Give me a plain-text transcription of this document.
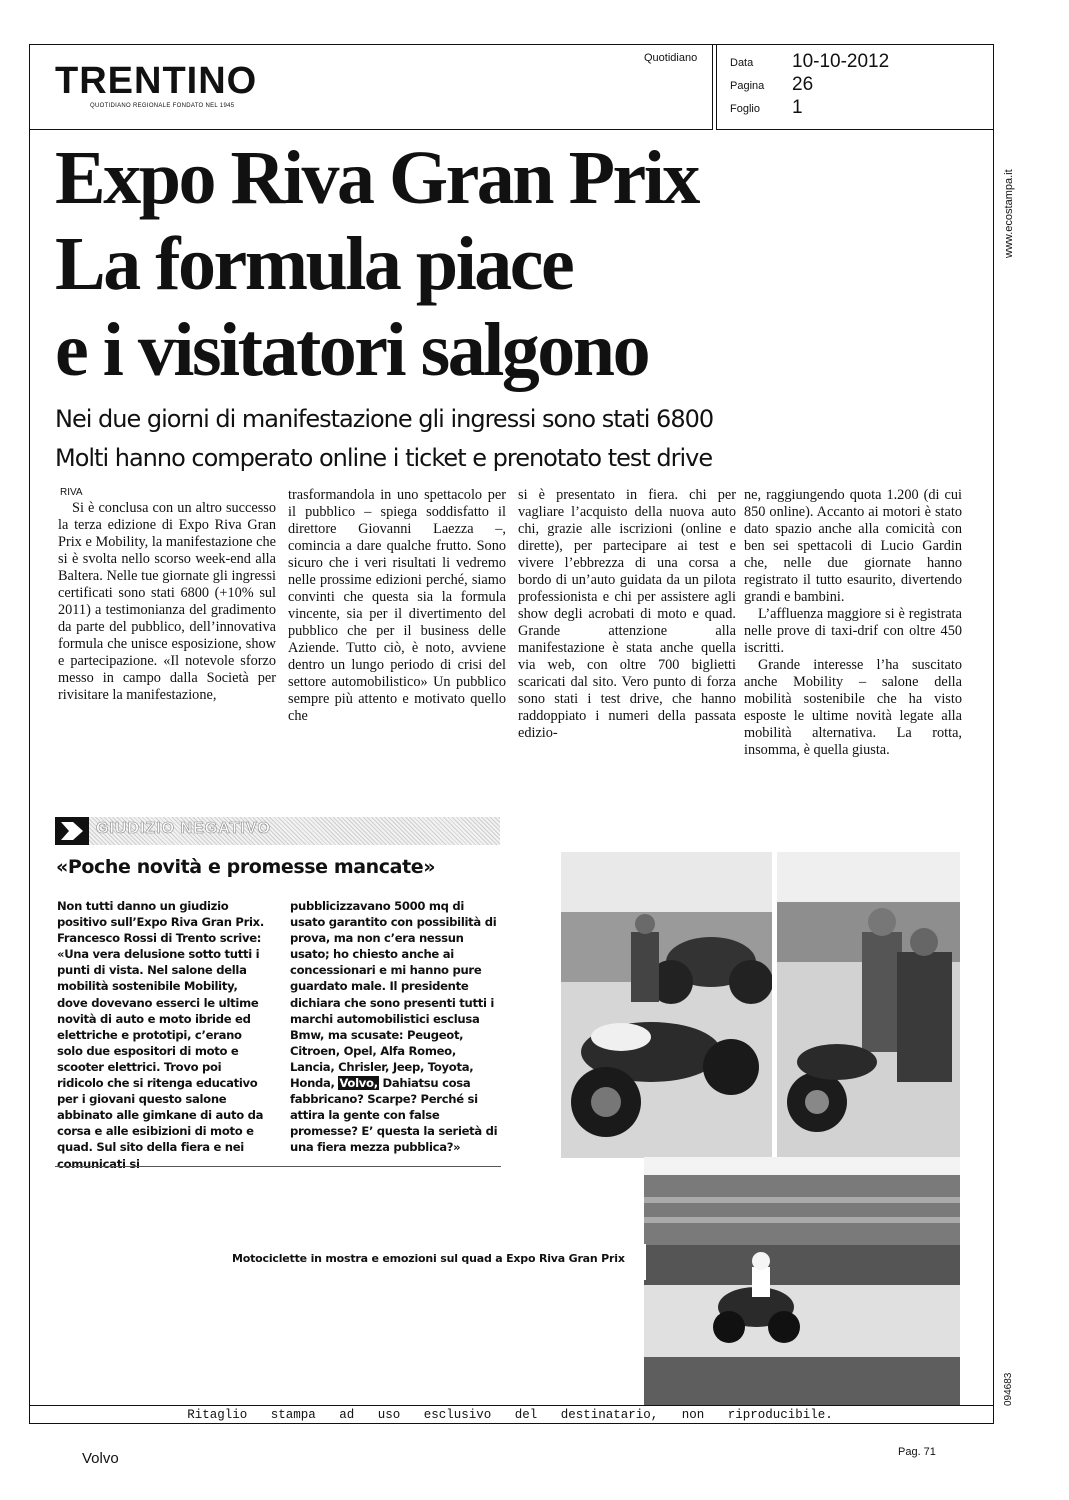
TRENTINO
QUOTIDIANO REGIONALE FONDATO NEL 1945
Quotidiano	Data 10-10-2012
Pagina 26
Foglio 1
www.ecostampa.it
094683
Expo Riva Gran Prix
La formula piace
e i visitatori salgono
Nei due giorni di manifestazione gli ingressi sono stati 6800
Molti hanno comperato online i ticket e prenotato test drive
RIVA

Si è conclusa con un altro successo la terza edizione di Expo Riva Gran Prix e Mobility, la manifestazione che si è svolta nello scorso week-end alla Baltera. Nelle tue giornate gli ingressi certificati sono stati 6800 (+10% sul 2011) a testimonianza del gradimento da parte del pubblico, dell’innovativa formula che unisce esposizione, show e partecipazione. «Il notevole sforzo messo in campo dalla Società per rivisitare la manifestazione,

trasformandola in uno spettacolo per il pubblico – spiega soddisfatto il direttore Giovanni Laezza –, comincia a dare qualche frutto. Sono sicuro che i veri risultati li vedremo nelle prossime edizioni perché, siamo convinti che questa sia la formula vincente, sia per il divertimento del pubblico che per il business delle Aziende. Tutto ciò, è noto, avviene dentro un lungo periodo di crisi del settore automobilistico» Un pubblico sempre più attento e motivato quello che

si è presentato in fiera. chi per vagliare l’acquisto della nuova auto chi, grazie alle iscrizioni (online e dirette), per partecipare ai test e vivere l’ebbrezza di una corsa a bordo di un’auto guidata da un pilota professionista e chi per assistere agli show degli acrobati di moto e quad. Grande attenzione alla manifestazione è stata anche quella via web, con oltre 700 biglietti scaricati dal sito. Vero punto di forza sono stati i test drive, che hanno raddoppiato i numeri della passata edizio-

ne, raggiungendo quota 1.200 (di cui 850 online). Accanto ai motori è stato dato spazio anche alla comicità con ben sei spettacoli di Lucio Gardin che, nelle due giornate hanno registrato il tutto esaurito, divertendo grandi e bambini.

L’affluenza maggiore si è registrata nelle prove di taxi-drif con oltre 450 iscritti.

Grande interesse l’ha suscitato anche Mobility – salone della mobilità sostenibile che ha visto esposte le ultime novità legate alla mobilità alternativa. La rotta, insomma, è quella giusta.

GIUDIZIO NEGATIVO
«Poche novità e promesse mancate»
Non tutti danno un giudizio positivo sull’Expo Riva Gran Prix. Francesco Rossi di Trento scrive: «Una vera delusione sotto tutti i punti di vista. Nel salone della mobilità sostenibile Mobility, dove dovevano esserci le ultime novità di auto e moto ibride ed elettriche e prototipi, c’erano solo due espositori di moto e scooter elettrici. Trovo poi ridicolo che si ritenga educativo per i giovani questo salone abbinato alle gimkane di auto da corsa e alle esibizioni di moto e quad. Sul sito della fiera e nei comunicati si
pubblicizzavano 5000 mq di usato garantito con possibilità di prova, ma non c’era nessun usato; ho chiesto anche ai concessionari e mi hanno pure guardato male. Il presidente dichiara che sono presenti tutti i marchi automobilistici esclusa Bmw, ma scusate: Peugeot, Citroen, Opel, Alfa Romeo, Lancia, Chrisler, Jeep, Toyota, Honda, Volvo, Dahiatsu cosa fabbricano? Scarpe? Perché si attira la gente con false promesse? E’ questa la serietà di una fiera mezza pubblica?»
Motociclette in mostra e emozioni sul quad a Expo Riva Gran Prix
Ritaglio stampa ad uso esclusivo del destinatario, non riproducibile.
Volvo	Pag. 71
